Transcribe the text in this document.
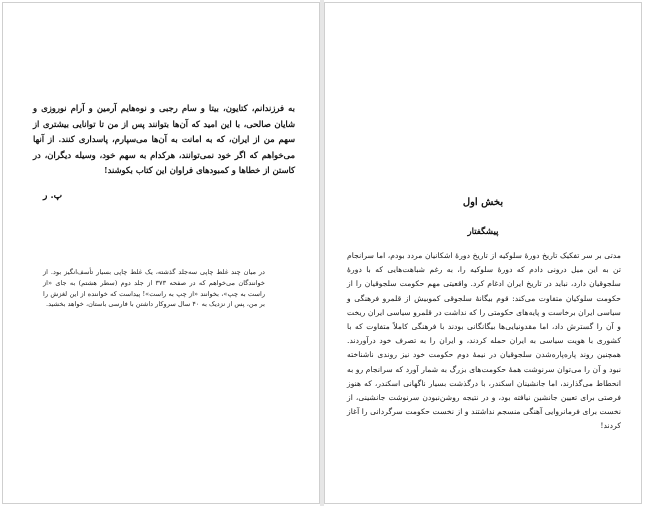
به فرزندانم، کتایون، بیتا و سام رجبی و نوه‌هایم آرمین و آرام نوروزی و شایان صالحی، با این امید که آن‌ها بتوانند پس از من تا توانایی بیشتری از سهم من از ایران، که به امانت به آن‌ها می‌سپارم، پاسداری کنند. از آنها می‌خواهم که اگر خود نمی‌توانند، هرکدام به سهم خود، وسیله دیگران، در کاستن از خطاها و کمبودهای فراوان این کتاب بکوشند!
پ. ر
در میان چند غلط چاپی سه‌جلد گذشته، یک غلط چاپی بسیار تأسف‌انگیز بود. از خوانندگان می‌خواهم که در صفحه ۳۷۳ از جلد دوم (سطر هشتم) به جای «از راست به چپ»، بخوانند «از چپ به راست»! پیداست که خواننده از این لغزش را بر من، پس از نزدیک به ۴۰ سال سروکار داشتن با فارسی باستان، خواهد بخشید.
بخش اول
پیشگفتار
مدتی بر سر تفکیک تاریخ دورهٔ سلوکیه از تاریخ دورهٔ اشکانیان مردد بودم، اما سرانجام تن به این میل درونی دادم که دورهٔ سلوکیه را، به رغم شباهت‌هایی که با دورهٔ سلجوقیان دارد، نباید در تاریخ ایران ادغام کرد. واقعیتی مهم حکومت سلجوقیان را از حکومت سلوکیان متفاوت می‌کند: قوم بیگانهٔ سلجوقی کمو‌بیش از قلمرو فرهنگی و سیاسی ایران برخاست و پایه‌های حکومتی را که نداشت در قلمرو سیاسی ایران ریخت و آن را گسترش داد، اما مقدونیایی‌ها بیگانگانی بودند با فرهنگی کاملاً متفاوت که با کشوری با هویت سیاسی به ایران حمله کردند، و ایران را به تصرف خود درآوردند. همچنین روند پاره‌پاره‌شدن سلجوقیان در نیمهٔ دوم حکومت خود نیز روندی ناشناخته نبود و آن را می‌توان سرنوشت همهٔ حکومت‌های بزرگ به شمار آورد که سرانجام رو به انحطاط می‌گذارند، اما جانشینان اسکندر، با درگذشت بسیار ناگهانی اسکندر، که هنوز فرصتی برای تعیین جانشین نیافته بود، و در نتیجه روشن‌نبودن سرنوشت جانشینی، از نخست برای فرمانروایی آهنگی منسجم نداشتند و از نخست حکومت سرگردانی را آغاز کردند!
